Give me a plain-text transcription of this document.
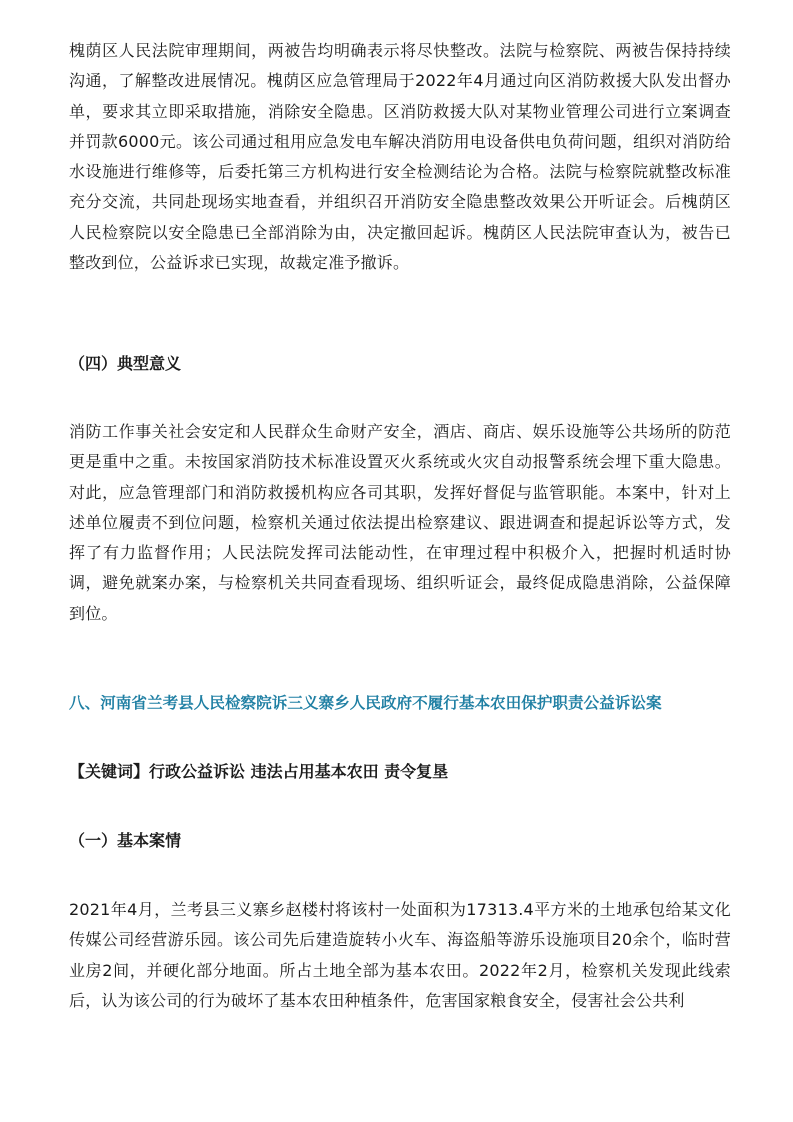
槐荫区人民法院审理期间，两被告均明确表示将尽快整改。法院与检察院、两被告保持持续沟通，了解整改进展情况。槐荫区应急管理局于2022年4月通过向区消防救援大队发出督办单，要求其立即采取措施，消除安全隐患。区消防救援大队对某物业管理公司进行立案调查并罚款6000元。该公司通过租用应急发电车解决消防用电设备供电负荷问题，组织对消防给水设施进行维修等，后委托第三方机构进行安全检测结论为合格。法院与检察院就整改标准充分交流，共同赴现场实地查看，并组织召开消防安全隐患整改效果公开听证会。后槐荫区人民检察院以安全隐患已全部消除为由，决定撤回起诉。槐荫区人民法院审查认为，被告已整改到位，公益诉求已实现，故裁定准予撤诉。

（四）典型意义

消防工作事关社会安定和人民群众生命财产安全，酒店、商店、娱乐设施等公共场所的防范更是重中之重。未按国家消防技术标准设置灭火系统或火灾自动报警系统会埋下重大隐患。对此，应急管理部门和消防救援机构应各司其职，发挥好督促与监管职能。本案中，针对上述单位履责不到位问题，检察机关通过依法提出检察建议、跟进调查和提起诉讼等方式，发挥了有力监督作用；人民法院发挥司法能动性，在审理过程中积极介入，把握时机适时协调，避免就案办案，与检察机关共同查看现场、组织听证会，最终促成隐患消除，公益保障到位。

八、河南省兰考县人民检察院诉三义寨乡人民政府不履行基本农田保护职责公益诉讼案
【关键词】行政公益诉讼 违法占用基本农田 责令复垦
（一）基本案情

2021年4月，兰考县三义寨乡赵楼村将该村一处面积为17313.4平方米的土地承包给某文化传媒公司经营游乐园。该公司先后建造旋转小火车、海盗船等游乐设施项目20余个，临时营业房2间，并硬化部分地面。所占土地全部为基本农田。2022年2月，检察机关发现此线索后，认为该公司的行为破坏了基本农田种植条件，危害国家粮食安全，侵害社会公共利
